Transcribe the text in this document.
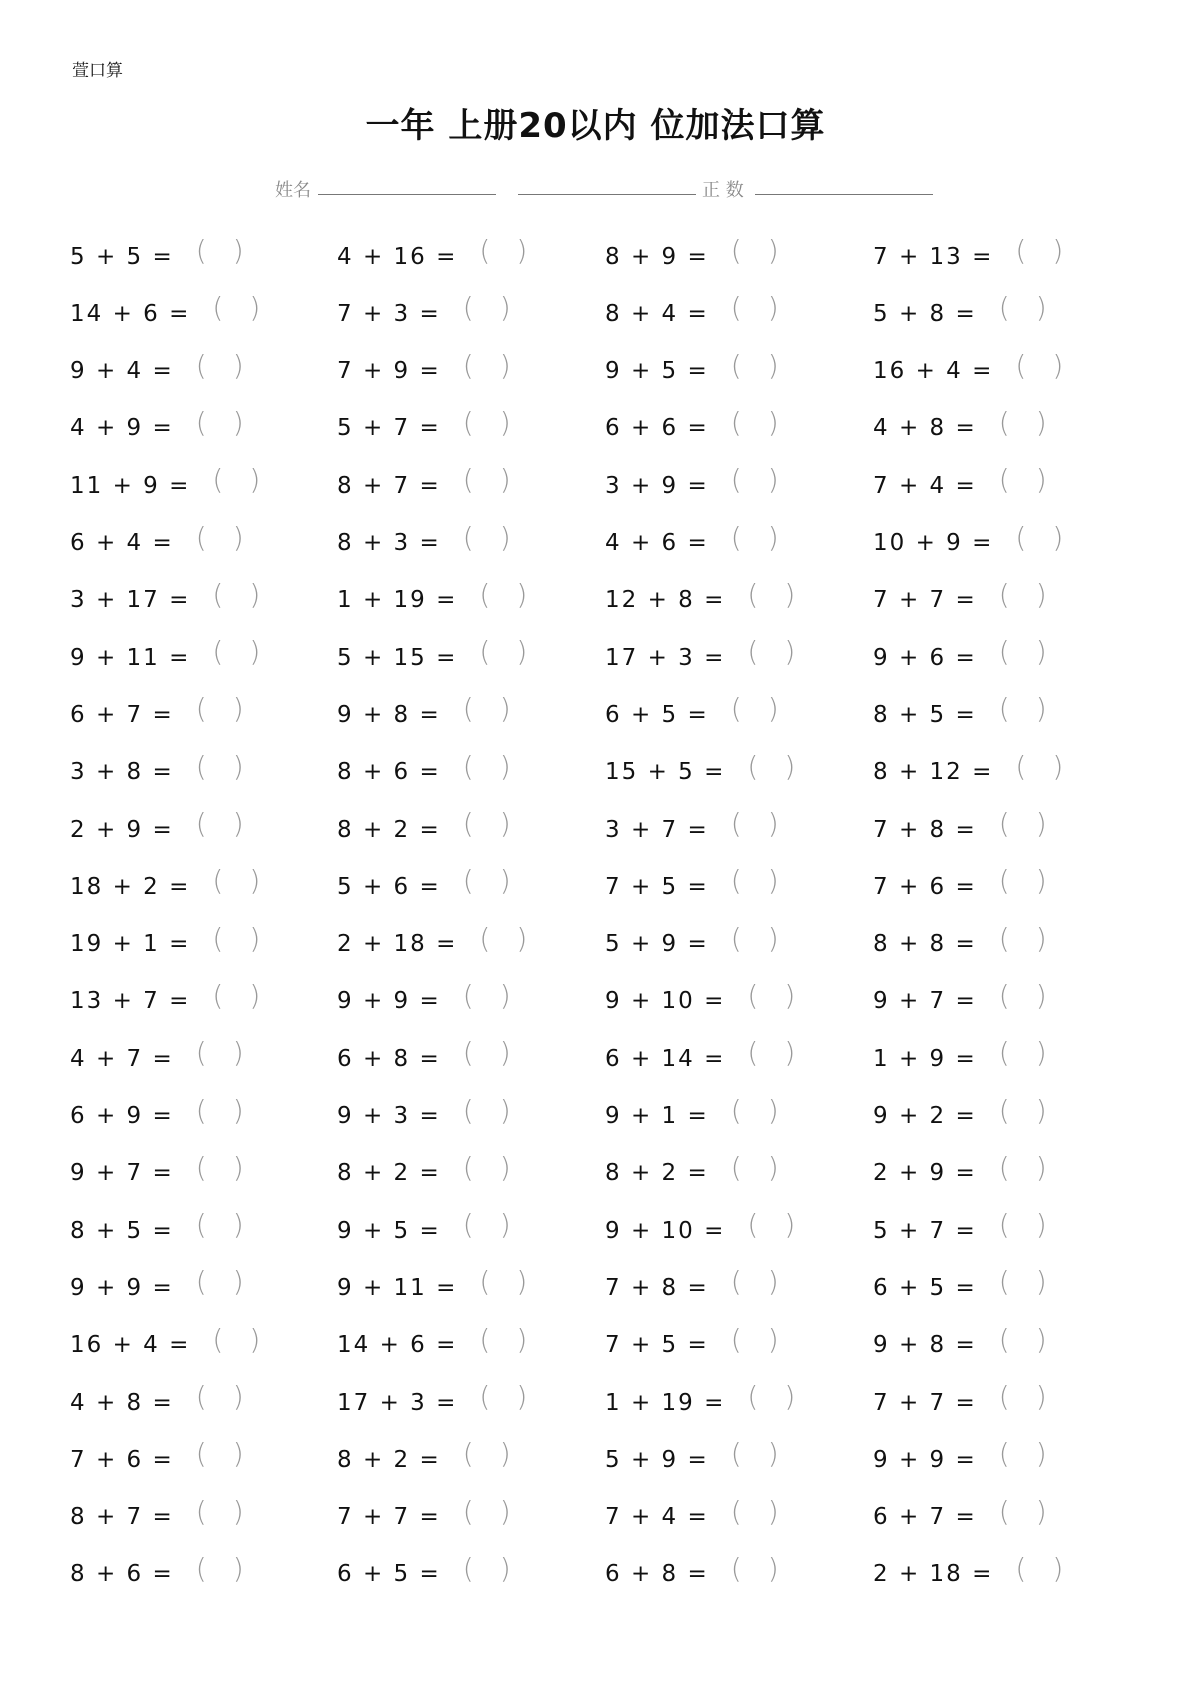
萱口算
一年 上册20以内 位加法口算
姓名	正 数
5 + 5 = ( )
14 + 6 = ( )
9 + 4 = ( )
4 + 9 = ( )
11 + 9 = ( )
6 + 4 = ( )
3 + 17 = ( )
9 + 11 = ( )
6 + 7 = ( )
3 + 8 = ( )
2 + 9 = ( )
18 + 2 = ( )
19 + 1 = ( )
13 + 7 = ( )
4 + 7 = ( )
6 + 9 = ( )
9 + 7 = ( )
8 + 5 = ( )
9 + 9 = ( )
16 + 4 = ( )
4 + 8 = ( )
7 + 6 = ( )
8 + 7 = ( )
8 + 6 = ( )
4 + 16 = ( )
7 + 3 = ( )
7 + 9 = ( )
5 + 7 = ( )
8 + 7 = ( )
8 + 3 = ( )
1 + 19 = ( )
5 + 15 = ( )
9 + 8 = ( )
8 + 6 = ( )
8 + 2 = ( )
5 + 6 = ( )
2 + 18 = ( )
9 + 9 = ( )
6 + 8 = ( )
9 + 3 = ( )
8 + 2 = ( )
9 + 5 = ( )
9 + 11 = ( )
14 + 6 = ( )
17 + 3 = ( )
8 + 2 = ( )
7 + 7 = ( )
6 + 5 = ( )
8 + 9 = ( )
8 + 4 = ( )
9 + 5 = ( )
6 + 6 = ( )
3 + 9 = ( )
4 + 6 = ( )
12 + 8 = ( )
17 + 3 = ( )
6 + 5 = ( )
15 + 5 = ( )
3 + 7 = ( )
7 + 5 = ( )
5 + 9 = ( )
9 + 10 = ( )
6 + 14 = ( )
9 + 1 = ( )
8 + 2 = ( )
9 + 10 = ( )
7 + 8 = ( )
7 + 5 = ( )
1 + 19 = ( )
5 + 9 = ( )
7 + 4 = ( )
6 + 8 = ( )
7 + 13 = ( )
5 + 8 = ( )
16 + 4 = ( )
4 + 8 = ( )
7 + 4 = ( )
10 + 9 = ( )
7 + 7 = ( )
9 + 6 = ( )
8 + 5 = ( )
8 + 12 = ( )
7 + 8 = ( )
7 + 6 = ( )
8 + 8 = ( )
9 + 7 = ( )
1 + 9 = ( )
9 + 2 = ( )
2 + 9 = ( )
5 + 7 = ( )
6 + 5 = ( )
9 + 8 = ( )
7 + 7 = ( )
9 + 9 = ( )
6 + 7 = ( )
2 + 18 = ( )
